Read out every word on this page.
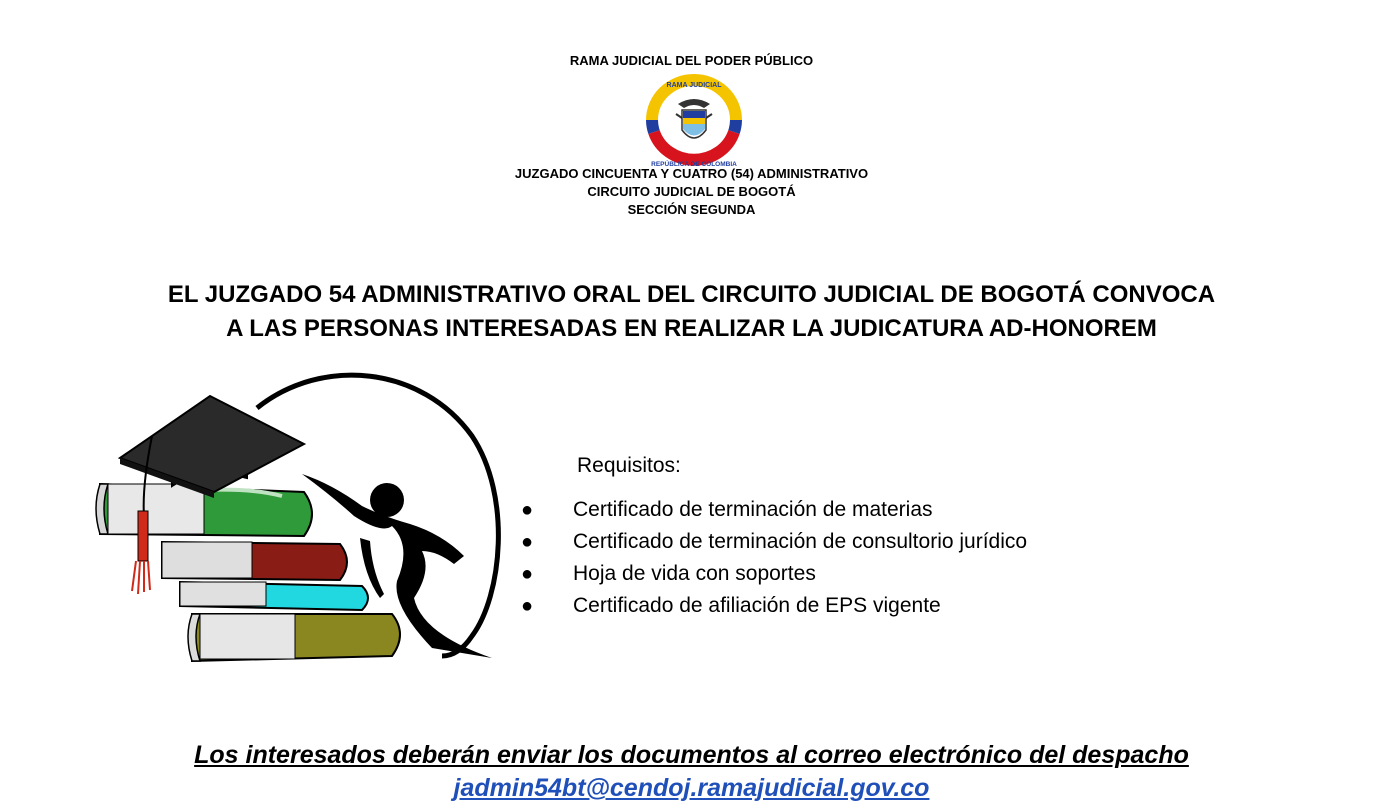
RAMA JUDICIAL DEL PODER PÚBLICO
RAMA JUDICIAL
REPÚBLICA DE COLOMBIA
JUZGADO CINCUENTA Y CUATRO (54) ADMINISTRATIVO
CIRCUITO JUDICIAL DE BOGOTÁ
SECCIÓN SEGUNDA
EL JUZGADO 54 ADMINISTRATIVO ORAL DEL CIRCUITO JUDICIAL DE BOGOTÁ CONVOCA
A LAS PERSONAS INTERESADAS EN REALIZAR LA JUDICATURA AD-HONOREM
Requisitos:
● Certificado de terminación de materias
● Certificado de terminación de consultorio jurídico
● Hoja de vida con soportes
● Certificado de afiliación de EPS vigente
Los interesados deberán enviar los documentos al correo electrónico del despacho
jadmin54bt@cendoj.ramajudicial.gov.co
